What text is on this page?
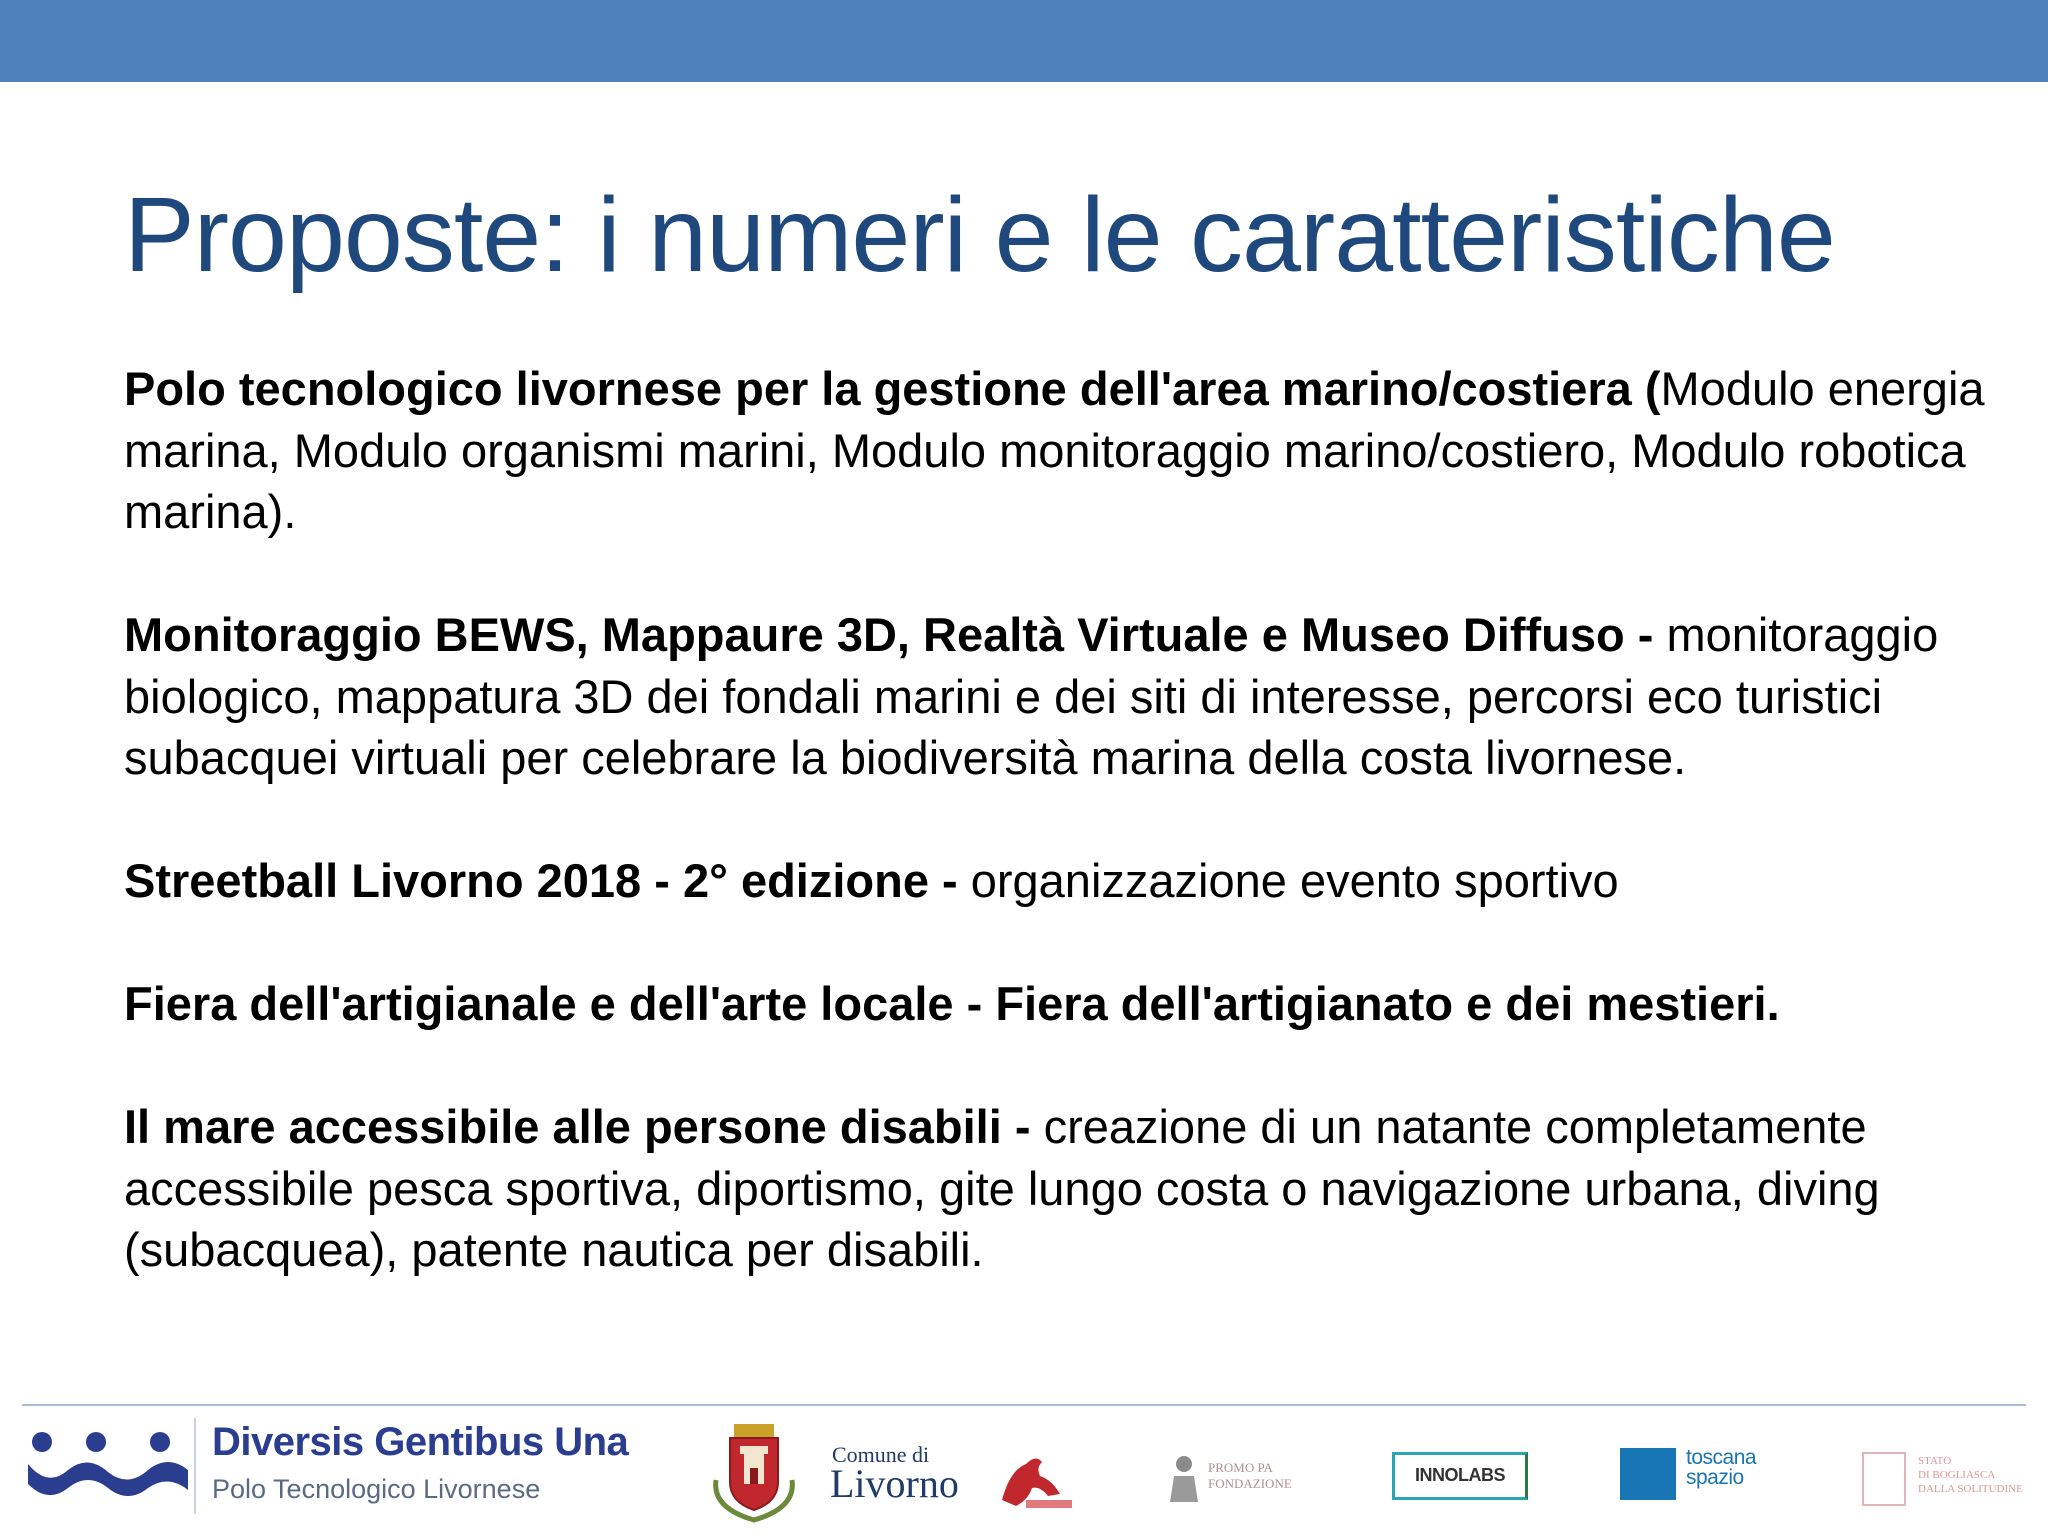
Proposte: i numeri e le caratteristiche

Polo tecnologico livornese per la gestione dell'area marino/costiera (Modulo energia marina, Modulo organismi marini, Modulo monitoraggio marino/costiero, Modulo robotica marina).

Monitoraggio BEWS, Mappaure 3D, Realtà Virtuale e Museo Diffuso - monitoraggio biologico, mappatura 3D dei fondali marini e dei siti di interesse, percorsi eco turistici subacquei virtuali per celebrare la biodiversità marina della costa livornese.

Streetball Livorno 2018 - 2° edizione - organizzazione evento sportivo

Fiera dell'artigianale e dell'arte locale - Fiera dell'artigianato e dei mestieri.

Il mare accessibile alle persone disabili - creazione di un natante completamente accessibile pesca sportiva, diportismo, gite lungo costa o navigazione urbana, diving (subacquea), patente nautica per disabili.

Diversis Gentibus Una
Polo Tecnologico Livornese
Comune di
Livorno	PROMO PA
FONDAZIONE	INNOLABS
toscana
spazio
STATO
DI BOGLIASCA
DALLA SOLITUDINE
